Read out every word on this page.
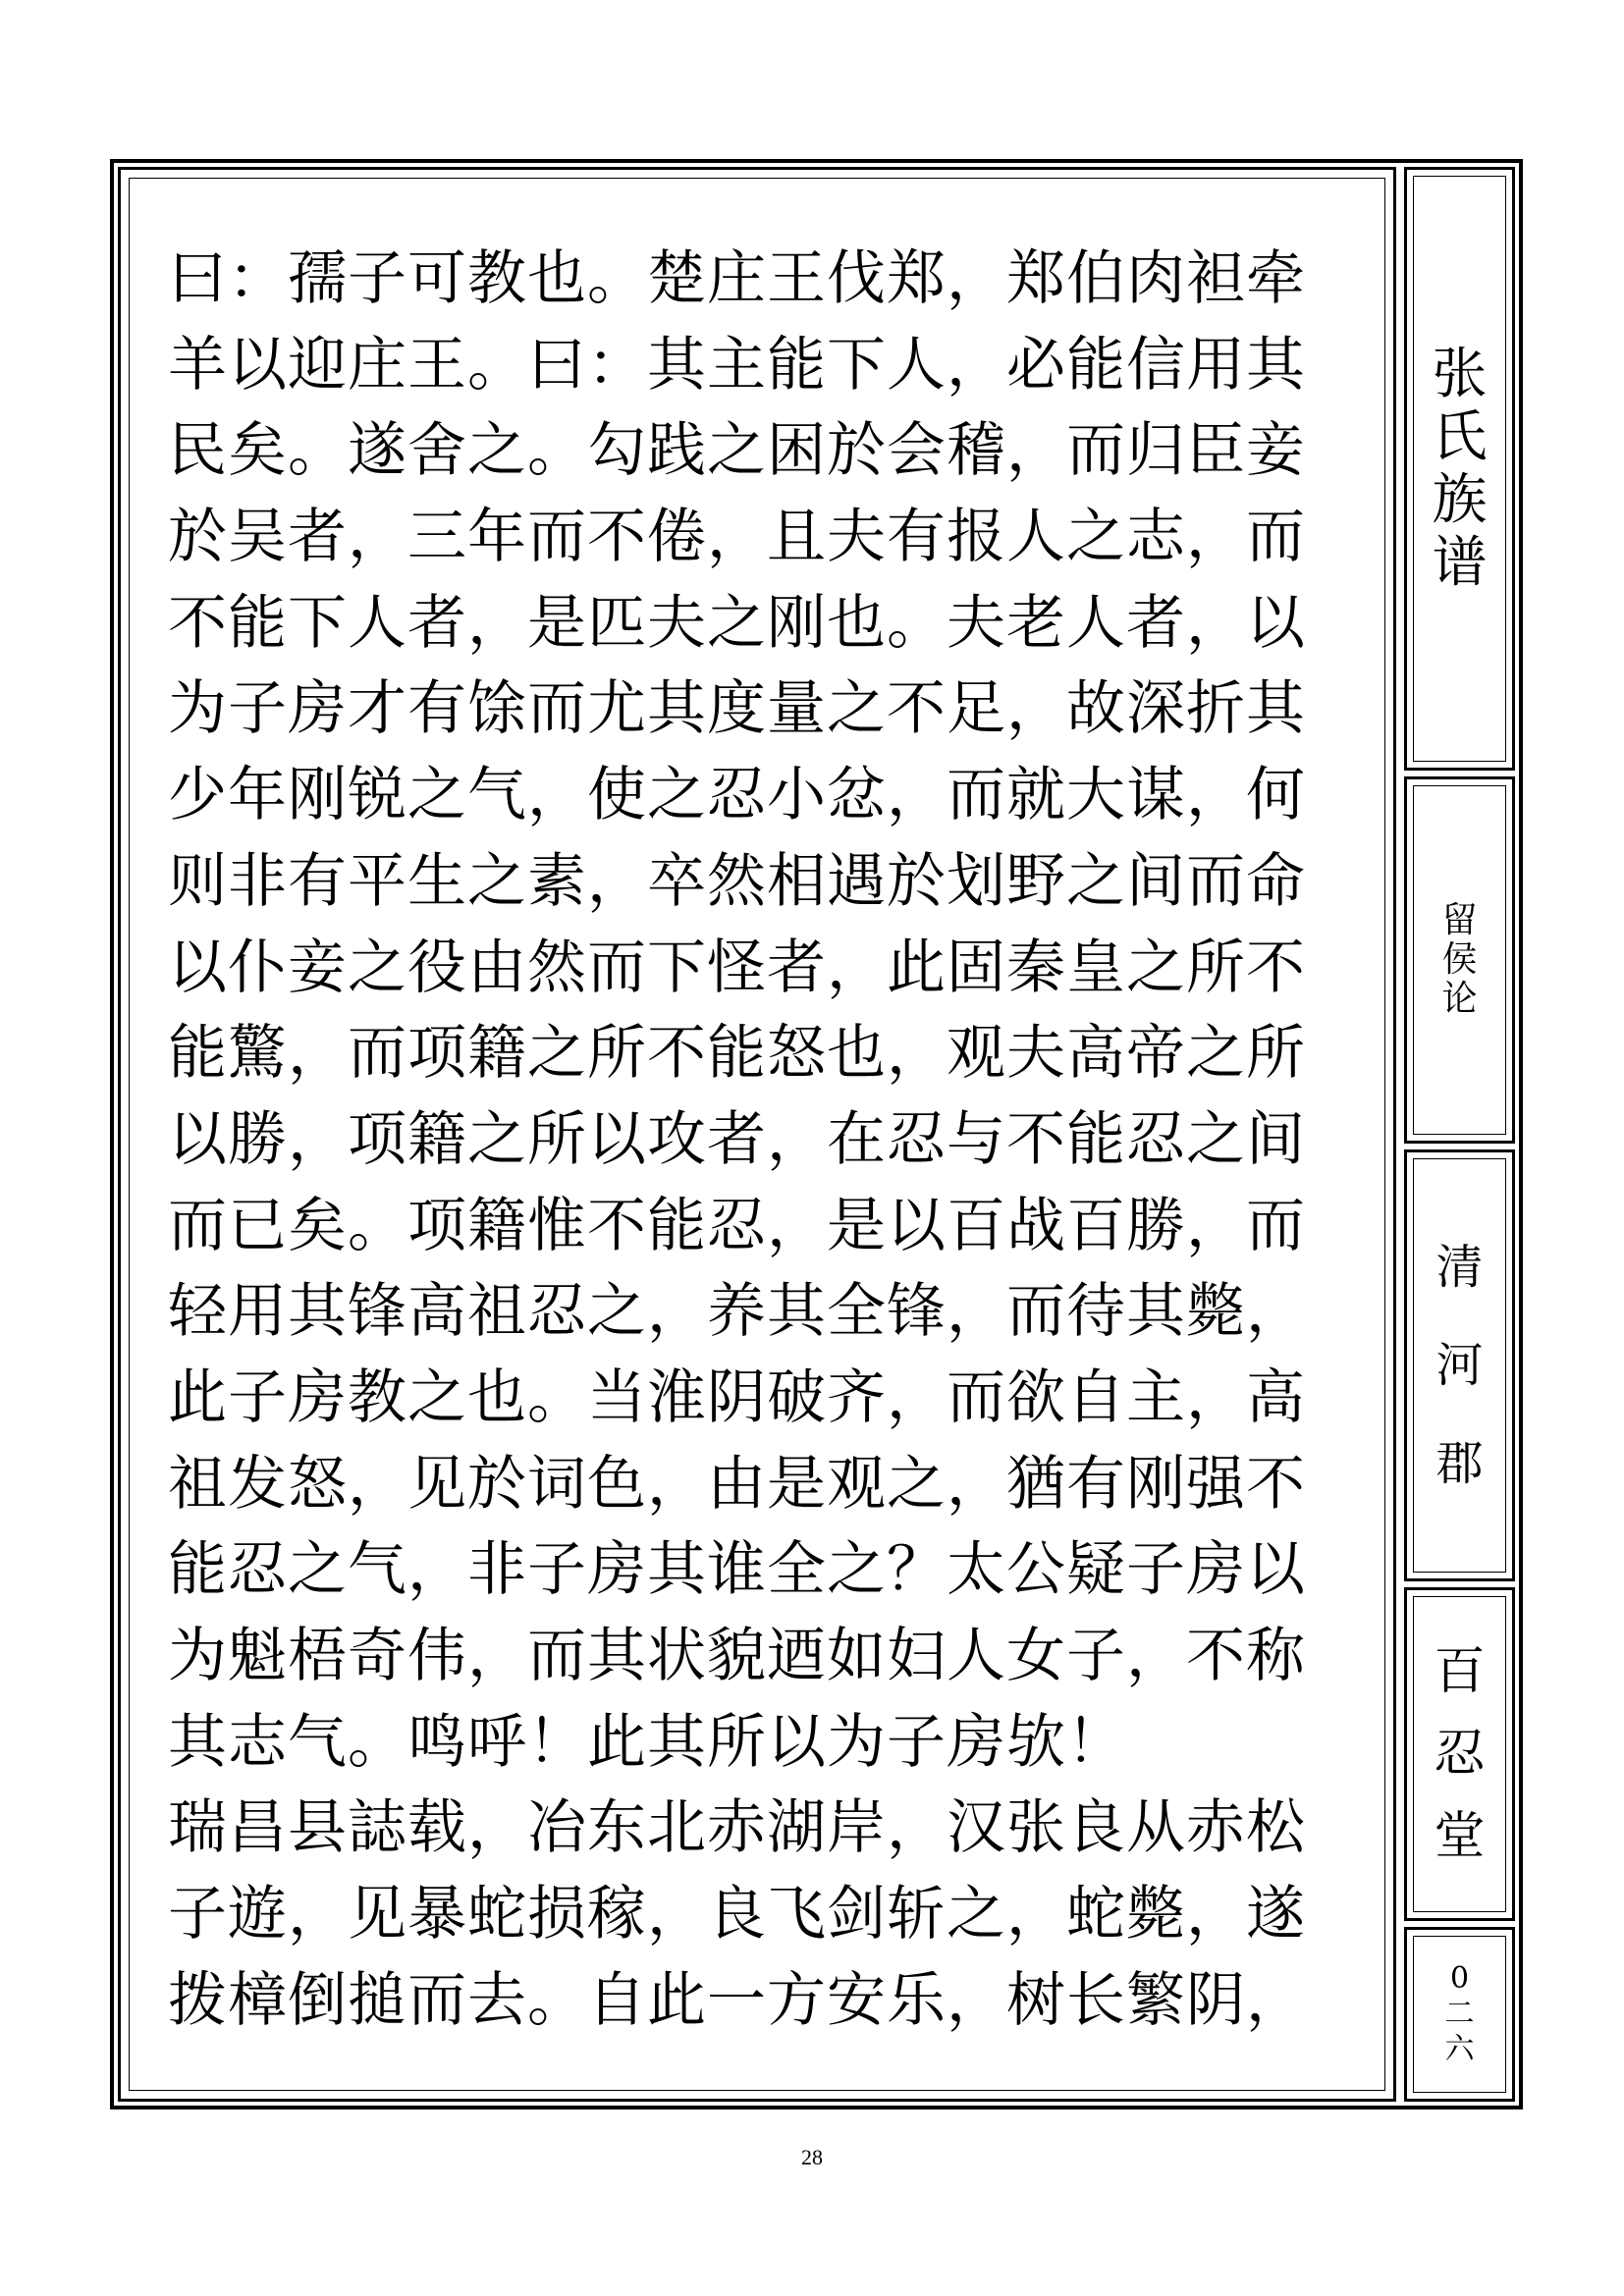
曰：孺子可教也。楚庄王伐郑，郑伯肉袒牵
羊以迎庄王。曰：其主能下人，必能信用其
民矣。遂舍之。勾践之困於会稽，而归臣妾
於吴者，三年而不倦，且夫有报人之志，而
不能下人者，是匹夫之刚也。夫老人者，以
为子房才有馀而尤其度量之不足，故深折其
少年刚锐之气，使之忍小忿，而就大谋，何
则非有平生之素，卒然相遇於划野之间而命
以仆妾之役由然而下怪者，此固秦皇之所不
能驚，而项籍之所不能怒也，观夫高帝之所
以勝，项籍之所以攻者，在忍与不能忍之间
而已矣。项籍惟不能忍，是以百战百勝，而
轻用其锋高祖忍之，养其全锋，而待其斃，
此子房教之也。当淮阴破齐，而欲自主，高
祖发怒，见於词色，由是观之，猶有刚强不
能忍之气，非子房其谁全之？太公疑子房以
为魁梧奇伟，而其状貌迺如妇人女子，不称
其志气。鸣呼！此其所以为子房欤！
瑞昌县誌载，冶东北赤湖岸，汉张良从赤松
子遊，见暴蛇损稼，良飞剑斩之，蛇斃，遂
拨樟倒搥而去。自此一方安乐，树长繁阴，
张
氏
族
谱
留
侯
论
清
河
郡
百
忍
堂
0
二
六
28
